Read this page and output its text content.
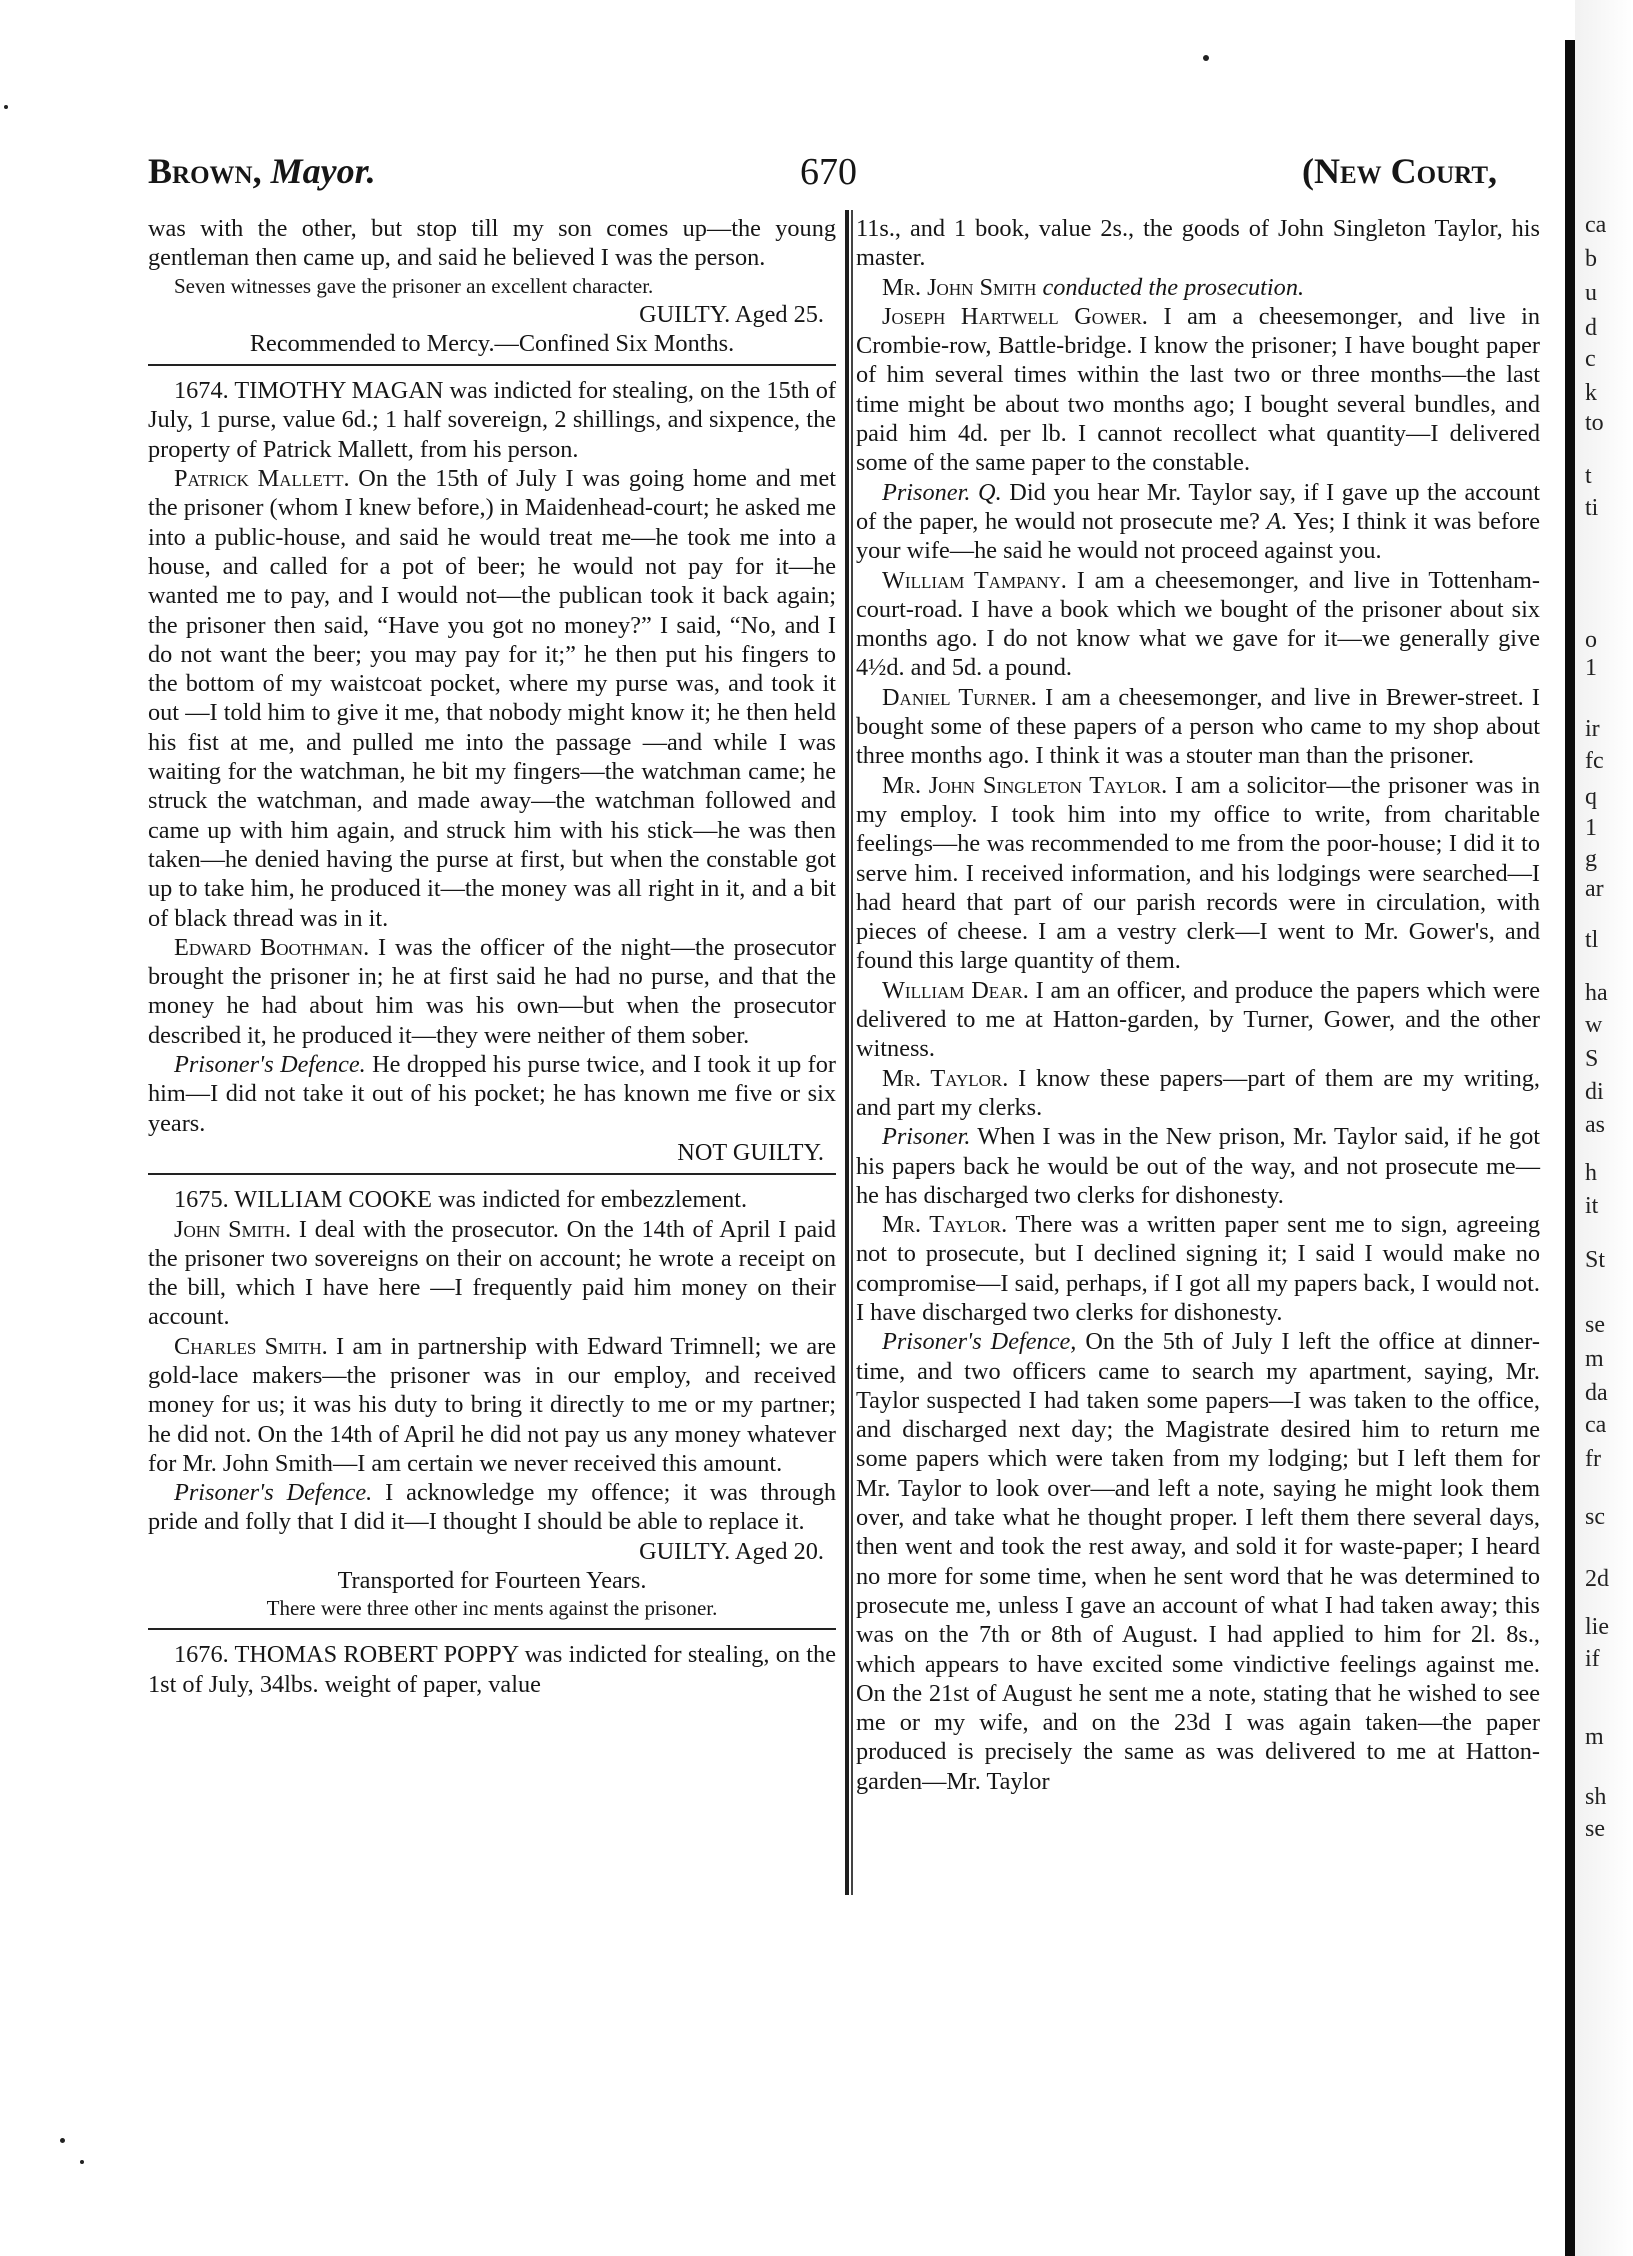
Brown, Mayor.	670	(New Court,

was with the other, but stop till my son comes up—the young gentleman then came up, and said he believed I was the person.

Seven witnesses gave the prisoner an excellent character.

GUILTY. Aged 25.

Recommended to Mercy.—Confined Six Months.

1674. TIMOTHY MAGAN was indicted for stealing, on the 15th of July, 1 purse, value 6d.; 1 half sovereign, 2 shillings, and sixpence, the property of Patrick Mallett, from his person.

Patrick Mallett. On the 15th of July I was going home and met the prisoner (whom I knew before,) in Maidenhead-court; he asked me into a public-house, and said he would treat me—he took me into a house, and called for a pot of beer; he would not pay for it—he wanted me to pay, and I would not—the publican took it back again; the prisoner then said, “Have you got no money?” I said, “No, and I do not want the beer; you may pay for it;” he then put his fingers to the bottom of my waistcoat pocket, where my purse was, and took it out —I told him to give it me, that nobody might know it; he then held his fist at me, and pulled me into the passage —and while I was waiting for the watchman, he bit my fingers—the watchman came; he struck the watchman, and made away—the watchman followed and came up with him again, and struck him with his stick—he was then taken—he denied having the purse at first, but when the constable got up to take him, he produced it—the money was all right in it, and a bit of black thread was in it.

Edward Boothman. I was the officer of the night—the prosecutor brought the prisoner in; he at first said he had no purse, and that the money he had about him was his own—but when the prosecutor described it, he produced it—they were neither of them sober.

Prisoner's Defence. He dropped his purse twice, and I took it up for him—I did not take it out of his pocket; he has known me five or six years.

NOT GUILTY.

1675. WILLIAM COOKE was indicted for embezzlement.

John Smith. I deal with the prosecutor. On the 14th of April I paid the prisoner two sovereigns on their on account; he wrote a receipt on the bill, which I have here —I frequently paid him money on their account.

Charles Smith. I am in partnership with Edward Trimnell; we are gold-lace makers—the prisoner was in our employ, and received money for us; it was his duty to bring it directly to me or my partner; he did not. On the 14th of April he did not pay us any money whatever for Mr. John Smith—I am certain we never received this amount.

Prisoner's Defence. I acknowledge my offence; it was through pride and folly that I did it—I thought I should be able to replace it.

GUILTY. Aged 20.

Transported for Fourteen Years.

There were three other inc ments against the prisoner.

1676. THOMAS ROBERT POPPY was indicted for stealing, on the 1st of July, 34lbs. weight of paper, value

11s., and 1 book, value 2s., the goods of John Singleton Taylor, his master.

Mr. John Smith conducted the prosecution.

Joseph Hartwell Gower. I am a cheesemonger, and live in Crombie-row, Battle-bridge. I know the prisoner; I have bought paper of him several times within the last two or three months—the last time might be about two months ago; I bought several bundles, and paid him 4d. per lb. I cannot recollect what quantity—I delivered some of the same paper to the constable.

Prisoner. Q. Did you hear Mr. Taylor say, if I gave up the account of the paper, he would not prosecute me? A. Yes; I think it was before your wife—he said he would not proceed against you.

William Tampany. I am a cheesemonger, and live in Tottenham-court-road. I have a book which we bought of the prisoner about six months ago. I do not know what we gave for it—we generally give 4½d. and 5d. a pound.

Daniel Turner. I am a cheesemonger, and live in Brewer-street. I bought some of these papers of a person who came to my shop about three months ago. I think it was a stouter man than the prisoner.

Mr. John Singleton Taylor. I am a solicitor—the prisoner was in my employ. I took him into my office to write, from charitable feelings—he was recommended to me from the poor-house; I did it to serve him. I received information, and his lodgings were searched—I had heard that part of our parish records were in circulation, with pieces of cheese. I am a vestry clerk—I went to Mr. Gower's, and found this large quantity of them.

William Dear. I am an officer, and produce the papers which were delivered to me at Hatton-garden, by Turner, Gower, and the other witness.

Mr. Taylor. I know these papers—part of them are my writing, and part my clerks.

Prisoner. When I was in the New prison, Mr. Taylor said, if he got his papers back he would be out of the way, and not prosecute me—he has discharged two clerks for dishonesty.

Mr. Taylor. There was a written paper sent me to sign, agreeing not to prosecute, but I declined signing it; I said I would make no compromise—I said, perhaps, if I got all my papers back, I would not. I have discharged two clerks for dishonesty.

Prisoner's Defence, On the 5th of July I left the office at dinner-time, and two officers came to search my apartment, saying, Mr. Taylor suspected I had taken some papers—I was taken to the office, and discharged next day; the Magistrate desired him to return me some papers which were taken from my lodging; but I left them for Mr. Taylor to look over—and left a note, saying he might look them over, and take what he thought proper. I left them there several days, then went and took the rest away, and sold it for waste-paper; I heard no more for some time, when he sent word that he was determined to prosecute me, unless I gave an account of what I had taken away; this was on the 7th or 8th of August. I had applied to him for 2l. 8s., which appears to have excited some vindictive feelings against me. On the 21st of August he sent me a note, stating that he wished to see me or my wife, and on the 23d I was again taken—the paper produced is precisely the same as was delivered to me at Hatton-garden—Mr. Taylor

ca
b
u
d
c
k
to
t
ti
o
1
ir
fc
q
1
g
ar
tl
ha
w
S
di
as
h
it
St
se
m
da
ca
fr
sc
2d
lie
if
m
sh
se
